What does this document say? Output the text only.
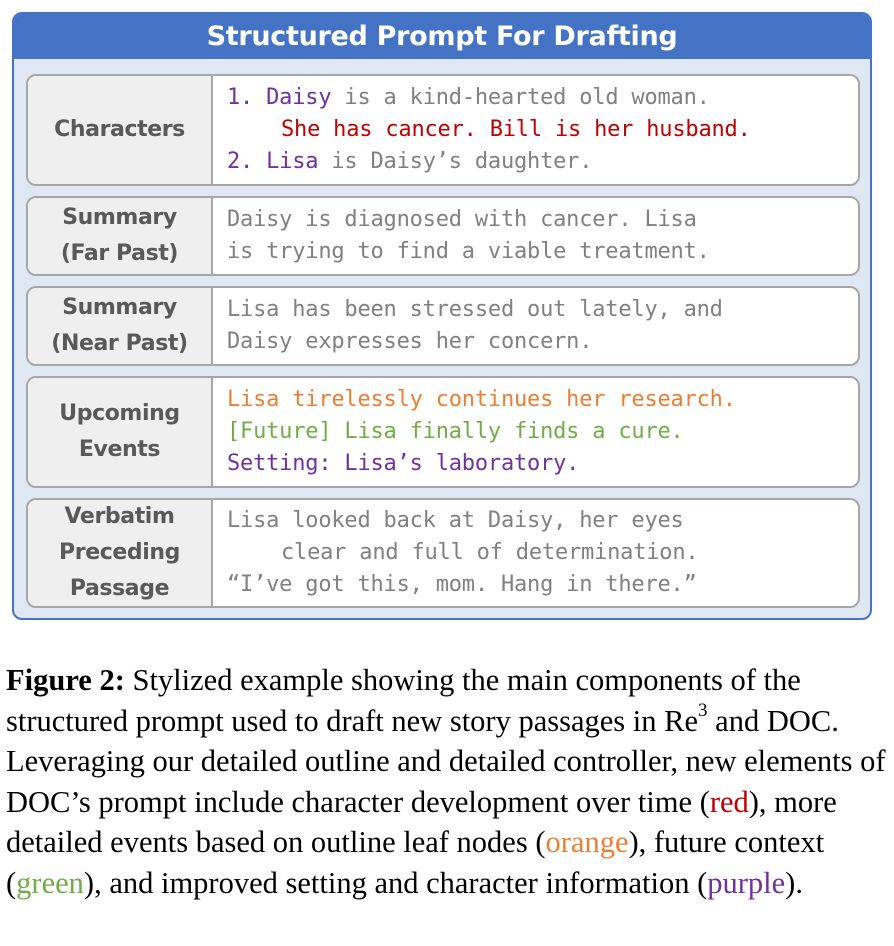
Structured Prompt For Drafting
Characters
1. Daisy is a kind-hearted old woman.
She has cancer. Bill is her husband.
2. Lisa is Daisy’s daughter.
Summary
(Far Past)
Daisy is diagnosed with cancer. Lisa
is trying to find a viable treatment.
Summary
(Near Past)
Lisa has been stressed out lately, and
Daisy expresses her concern.
Upcoming
Events
Lisa tirelessly continues her research.
[Future] Lisa finally finds a cure.
Setting: Lisa’s laboratory.
Verbatim
Preceding
Passage
Lisa looked back at Daisy, her eyes
clear and full of determination.
“I’ve got this, mom. Hang in there.”
Figure 2: Stylized example showing the main components of the structured prompt used to draft new story passages in Re$^3$ and DOC. Leveraging our detailed outline and detailed controller, new elements of DOC’s prompt include character development over time (red), more detailed events based on outline leaf nodes (orange), future context (green), and improved setting and character information (purple).
